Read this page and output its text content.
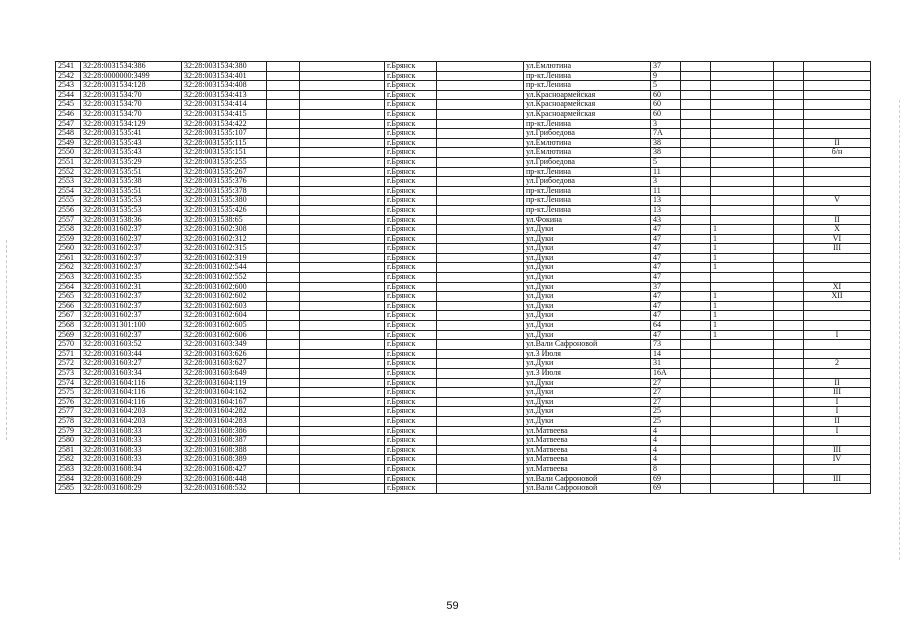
2541	32:28:0031534:386	32:28:0031534:380			г.Брянск		ул.Емлютина	37				
2542	32:28:0000000:3499	32:28:0031534:401			г.Брянск		пр-кт.Ленина	9				
2543	32:28:0031534:128	32:28:0031534:408			г.Брянск		пр-кт.Ленина	5				
2544	32:28:0031534:70	32:28:0031534:413			г.Брянск		ул.Красноармейская	60				
2545	32:28:0031534:70	32:28:0031534:414			г.Брянск		ул.Красноармейская	60				
2546	32:28:0031534:70	32:28:0031534:415			г.Брянск		ул.Красноармейская	60				
2547	32:28:0031534:129	32:28:0031534:422			г.Брянск		пр-кт.Ленина	3				
2548	32:28:0031535:41	32:28:0031535:107			г.Брянск		ул.Грибоедова	7А				
2549	32:28:0031535:43	32:28:0031535:115			г.Брянск		ул.Емлютина	38				II
2550	32:28:0031535:43	32:28:0031535:151			г.Брянск		ул.Емлютина	38				б/н
2551	32:28:0031535:29	32:28:0031535:255			г.Брянск		ул.Грибоедова	5				
2552	32:28:0031535:51	32:28:0031535:267			г.Брянск		пр-кт.Ленина	11				
2553	32:28:0031535:38	32:28:0031535:376			г.Брянск		ул.Грибоедова	3				
2554	32:28:0031535:51	32:28:0031535:378			г.Брянск		пр-кт.Ленина	11				
2555	32:28:0031535:53	32:28:0031535:380			г.Брянск		пр-кт.Ленина	13				V
2556	32:28:0031535:53	32:28:0031535:426			г.Брянск		пр-кт.Ленина	13				
2557	32:28:0031538:36	32:28:0031538:65			г.Брянск		ул.Фокина	43				II
2558	32:28:0031602:37	32:28:0031602:308			г.Брянск		ул.Дуки	47		1		X
2559	32:28:0031602:37	32:28:0031602:312			г.Брянск		ул.Дуки	47		1		VI
2560	32:28:0031602:37	32:28:0031602:315			г.Брянск		ул.Дуки	47		1		III
2561	32:28:0031602:37	32:28:0031602:319			г.Брянск		ул.Дуки	47		1		
2562	32:28:0031602:37	32:28:0031602:544			г.Брянск		ул.Дуки	47		1		
2563	32:28:0031602:35	32:28:0031602:552			г.Брянск		ул.Дуки	47				
2564	32:28:0031602:31	32:28:0031602:600			г.Брянск		ул.Дуки	37				XI
2565	32:28:0031602:37	32:28:0031602:602			г.Брянск		ул.Дуки	47		1		XII
2566	32:28:0031602:37	32:28:0031602:603			г.Брянск		ул.Дуки	47		1		
2567	32:28:0031602:37	32:28:0031602:604			г.Брянск		ул.Дуки	47		1		
2568	32:28:0031301:100	32:28:0031602:605			г.Брянск		ул.Дуки	64		1		
2569	32:28:0031602:37	32:28:0031602:606			г.Брянск		ул.Дуки	47		1		I
2570	32:28:0031603:52	32:28:0031603:349			г.Брянск		ул.Вали Сафроновой	73				
2571	32:28:0031603:44	32:28:0031603:626			г.Брянск		ул.3 Июля	14				
2572	32:28:0031603:27	32:28:0031603:627			г.Брянск		ул.Дуки	31				2
2573	32:28:0031603:34	32:28:0031603:649			г.Брянск		ул.3 Июля	16А				
2574	32:28:0031604:116	32:28:0031604:119			г.Брянск		ул.Дуки	27				II
2575	32:28:0031604:116	32:28:0031604:162			г.Брянск		ул.Дуки	27				III
2576	32:28:0031604:116	32:28:0031604:167			г.Брянск		ул.Дуки	27				I
2577	32:28:0031604:203	32:28:0031604:282			г.Брянск		ул.Дуки	25				I
2578	32:28:0031604:203	32:28:0031604:283			г.Брянск		ул.Дуки	25				II
2579	32:28:0031608:33	32:28:0031608:386			г.Брянск		ул.Матвеева	4				I
2580	32:28:0031608:33	32:28:0031608:387			г.Брянск		ул.Матвеева	4				
2581	32:28:0031608:33	32:28:0031608:388			г.Брянск		ул.Матвеева	4				III
2582	32:28:0031608:33	32:28:0031608:389			г.Брянск		ул.Матвеева	4				IV
2583	32:28:0031608:34	32:28:0031608:427			г.Брянск		ул.Матвеева	8				
2584	32:28:0031608:29	32:28:0031608:448			г.Брянск		ул.Вали Сафроновой	69				III
2585	32:28:0031608:29	32:28:0031608:532			г.Брянск		ул.Вали Сафроновой	69				
59
